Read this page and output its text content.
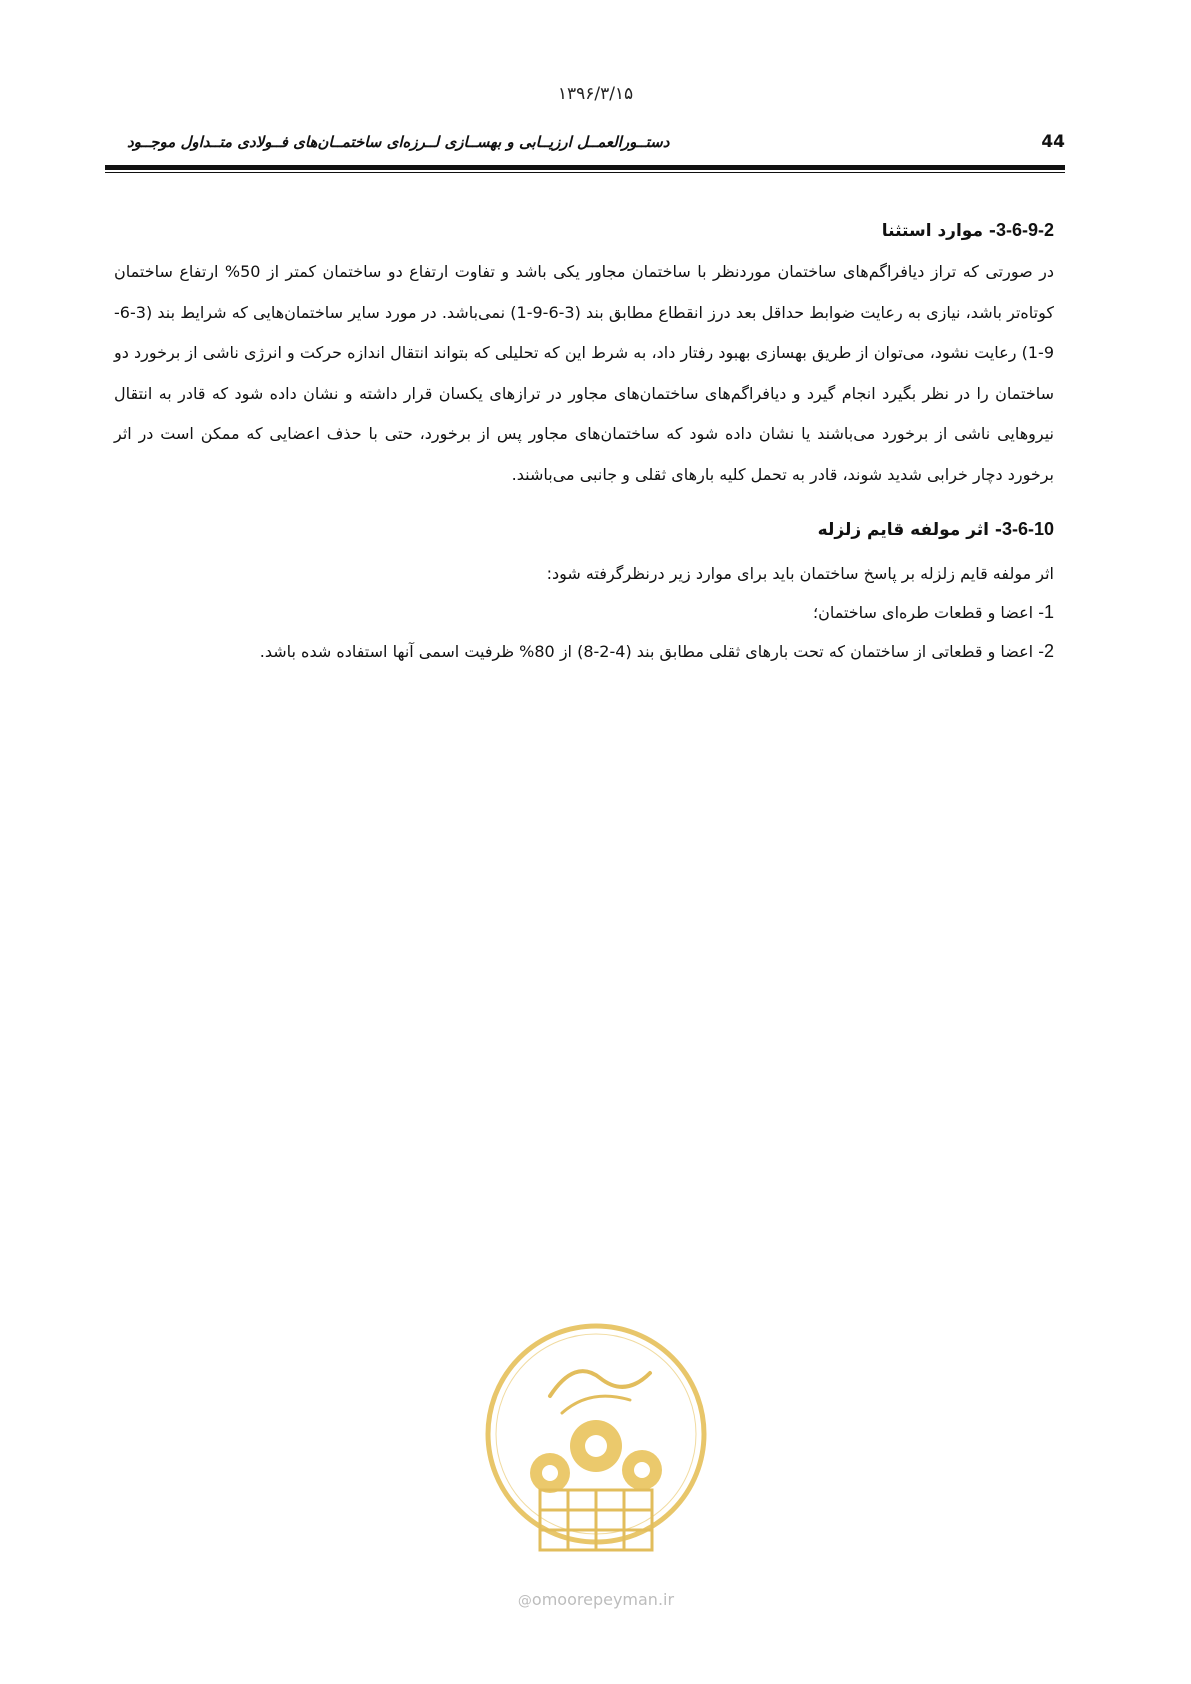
۱۳۹۶/۳/۱۵
44
دستــورالعمــل ارزیــابی و بهســازی لــرزه‌ای ساختمــان‌های فــولادی متــداول موجــود
3-6-9-2- موارد استثنا

در صورتی که تراز دیافراگم‌های ساختمان موردنظر با ساختمان مجاور یکی باشد و تفاوت ارتفاع دو ساختمان کمتر از 50% ارتفاع ساختمان کوتاه‌تر باشد، نیازی به رعایت ضوابط حداقل بعد درز انقطاع مطابق بند (3-6-9-1) نمی‌باشد. در مورد سایر ساختمان‌هایی که شرایط بند (3-6-9-1) رعایت نشود، می‌توان از طریق بهسازی بهبود رفتار داد، به شرط این که تحلیلی که بتواند انتقال اندازه حرکت و انرژی ناشی از برخورد دو ساختمان را در نظر بگیرد انجام گیرد و دیافراگم‌های ساختمان‌های مجاور در ترازهای یکسان قرار داشته و نشان داده شود که قادر به انتقال نیروهایی ناشی از برخورد می‌باشند یا نشان داده شود که ساختمان‌های مجاور پس از برخورد، حتی با حذف اعضایی که ممکن است در اثر برخورد دچار خرابی شدید شوند، قادر به تحمل کلیه بارهای ثقلی و جانبی می‌باشند.

3-6-10- اثر مولفه قایم زلزله

اثر مولفه قایم زلزله بر پاسخ ساختمان باید برای موارد زیر درنظرگرفته شود:

1- اعضا و قطعات طره‌ای ساختمان؛

2- اعضا و قطعاتی از ساختمان که تحت بارهای ثقلی مطابق بند (4-2-8) از 80% ظرفیت اسمی آنها استفاده شده باشد.

@omoorepeyman.ir
